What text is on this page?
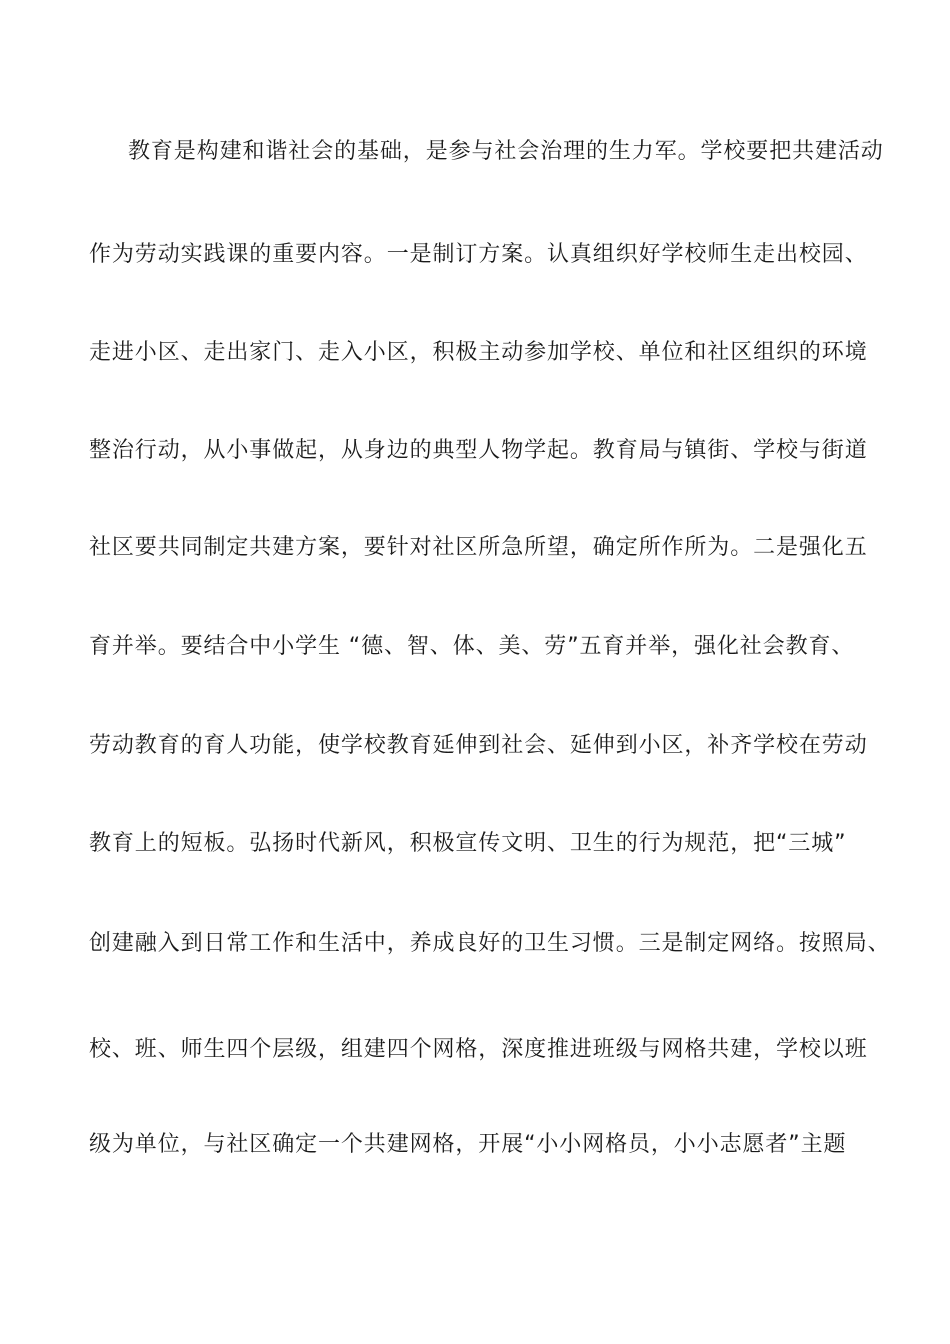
教育是构建和谐社会的基础，是参与社会治理的生力军。学校要把共建活动
作为劳动实践课的重要内容。一是制订方案。认真组织好学校师生走出校园、
走进小区、走出家门、走入小区，积极主动参加学校、单位和社区组织的环境
整治行动，从小事做起，从身边的典型人物学起。教育局与镇街、学校与街道
社区要共同制定共建方案，要针对社区所急所望，确定所作所为。二是强化五
育并举。要结合中小学生 “德、智、体、美、劳”五育并举，强化社会教育、
劳动教育的育人功能，使学校教育延伸到社会、延伸到小区，补齐学校在劳动
教育上的短板。弘扬时代新风，积极宣传文明、卫生的行为规范，把“三城”
创建融入到日常工作和生活中，养成良好的卫生习惯。三是制定网络。按照局、
校、班、师生四个层级，组建四个网格，深度推进班级与网格共建，学校以班
级为单位，与社区确定一个共建网格，开展“小小网格员，小小志愿者”主题
